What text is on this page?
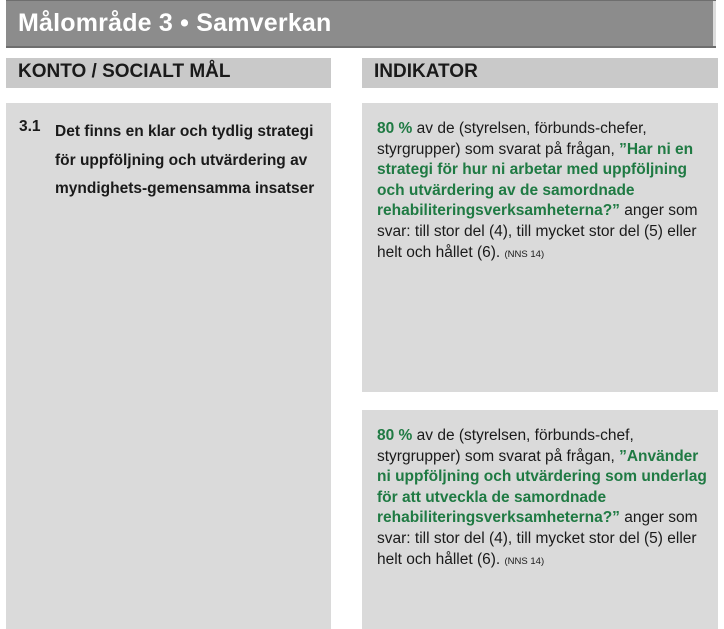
Målområde 3 • Samverkan
KONTO / SOCIALT MÅL	INDIKATOR
3.1 Det finns en klar och tydlig strategi för uppföljning och utvärdering av myndighets-gemensamma insatser
80 % av de (styrelsen, förbunds-chefer, styrgrupper) som svarat på frågan, ”Har ni en strategi för hur ni arbetar med uppföljning och utvärdering av de samordnade rehabiliteringsverksamheterna?” anger som svar: till stor del (4), till mycket stor del (5) eller helt och hållet (6). (NNS 14)
80 % av de (styrelsen, förbunds-chef, styrgrupper) som svarat på frågan, ”Använder ni uppföljning och utvärdering som underlag för att utveckla de samordnade rehabiliteringsverksamheterna?” anger som svar: till stor del (4), till mycket stor del (5) eller helt och hållet (6). (NNS 14)
